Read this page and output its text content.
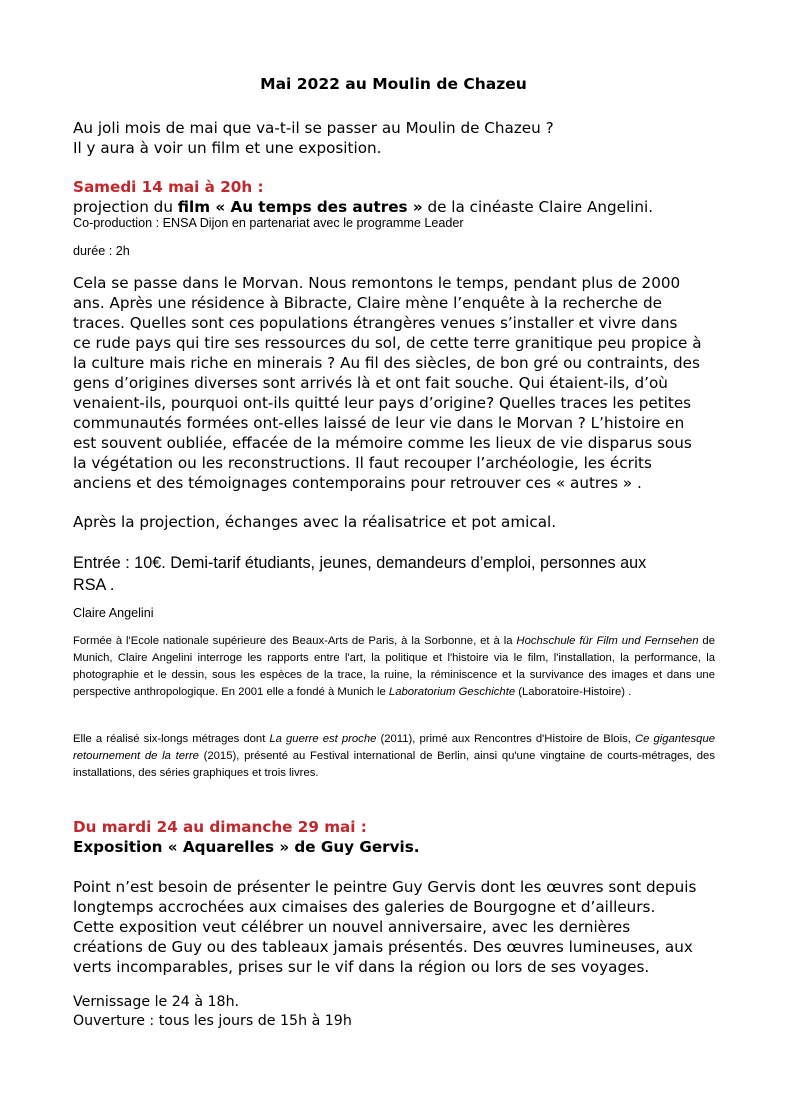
Mai 2022 au Moulin de Chazeu

Au joli mois de mai que va-t-il se passer au Moulin de Chazeu ?

Il y aura à voir un film et une exposition.

Samedi 14 mai à 20h :

projection du film « Au temps des autres » de la cinéaste Claire Angelini.

Co-production : ENSA Dijon en partenariat avec le programme Leader
durée : 2h

Cela se passe dans le Morvan. Nous remontons le temps, pendant plus de 2000

ans. Après une résidence à Bibracte, Claire mène l’enquête à la recherche de

traces. Quelles sont ces populations étrangères venues s’installer et vivre dans

ce rude pays qui tire ses ressources du sol, de cette terre granitique peu propice à

la culture mais riche en minerais ? Au fil des siècles, de bon gré ou contraints, des

gens d’origines diverses sont arrivés là et ont fait souche. Qui étaient-ils, d’où

venaient-ils, pourquoi ont-ils quitté leur pays d’origine? Quelles traces les petites

communautés formées ont-elles laissé de leur vie dans le Morvan ? L’histoire en

est souvent oubliée, effacée de la mémoire comme les lieux de vie disparus sous

la végétation ou les reconstructions. Il faut recouper l’archéologie, les écrits

anciens et des témoignages contemporains pour retrouver ces « autres » .

Après la projection, échanges avec la réalisatrice et pot amical.

Entrée : 10€. Demi-tarif étudiants, jeunes, demandeurs d’emploi, personnes aux

RSA .

Claire Angelini
Formée à l'Ecole nationale supérieure des Beaux-Arts de Paris, à la Sorbonne, et à la Hochschule für Film und Fernsehen de Munich, Claire Angelini interroge les rapports entre l'art, la politique et l'histoire via le film, l'installation, la performance, la photographie et le dessin, sous les espèces de la trace, la ruine, la réminiscence et la survivance des images et dans une perspective anthropologique. En 2001 elle a fondé à Munich le Laboratorium Geschichte (Laboratoire-Histoire) .
Elle a réalisé six-longs métrages dont La guerre est proche (2011), primé aux Rencontres d'Histoire de Blois, Ce gigantesque retournement de la terre (2015), présenté au Festival international de Berlin, ainsi qu'une vingtaine de courts-métrages, des installations, des séries graphiques et trois livres.

Du mardi 24 au dimanche 29 mai :

Exposition « Aquarelles » de Guy Gervis.

Point n’est besoin de présenter le peintre Guy Gervis dont les œuvres sont depuis

longtemps accrochées aux cimaises des galeries de Bourgogne et d’ailleurs.

Cette exposition veut célébrer un nouvel anniversaire, avec les dernières

créations de Guy ou des tableaux jamais présentés. Des œuvres lumineuses, aux

verts incomparables, prises sur le vif dans la région ou lors de ses voyages.

Vernissage le 24 à 18h.

Ouverture : tous les jours de 15h à 19h
